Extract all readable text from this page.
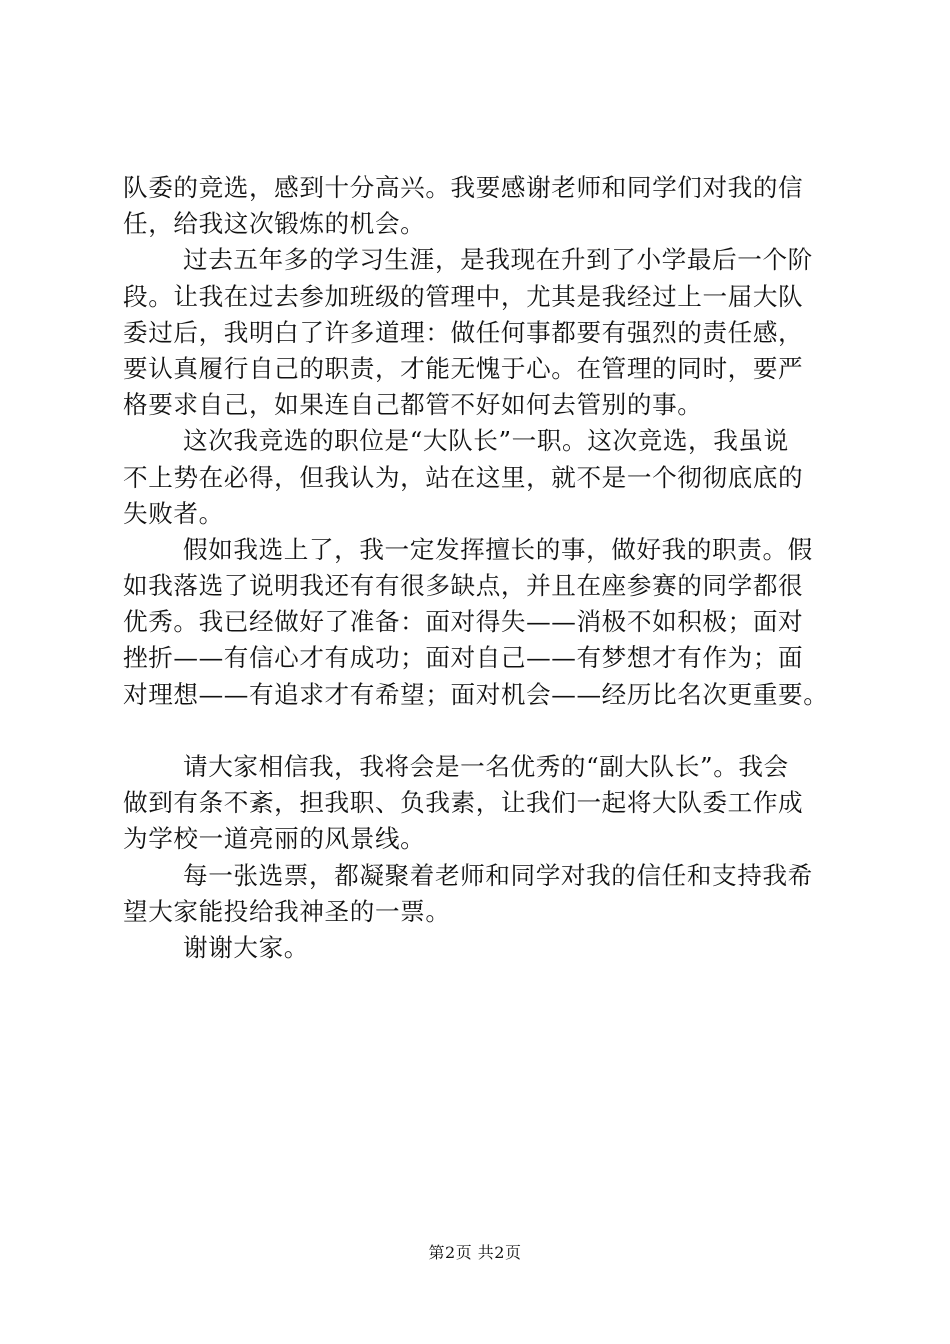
队委的竞选，感到十分高兴。我要感谢老师和同学们对我的信
任，给我这次锻炼的机会。
过去五年多的学习生涯，是我现在升到了小学最后一个阶
段。让我在过去参加班级的管理中，尤其是我经过上一届大队
委过后，我明白了许多道理：做任何事都要有强烈的责任感，
要认真履行自己的职责，才能无愧于心。在管理的同时，要严
格要求自己，如果连自己都管不好如何去管别的事。
这次我竞选的职位是“大队长”一职。这次竞选，我虽说
不上势在必得，但我认为，站在这里，就不是一个彻彻底底的
失败者。
假如我选上了，我一定发挥擅长的事，做好我的职责。假
如我落选了说明我还有有很多缺点，并且在座参赛的同学都很
优秀。我已经做好了准备：面对得失——消极不如积极；面对
挫折——有信心才有成功；面对自己——有梦想才有作为；面
对理想——有追求才有希望；面对机会——经历比名次更重要。
请大家相信我，我将会是一名优秀的“副大队长”。我会
做到有条不紊，担我职、负我素，让我们一起将大队委工作成
为学校一道亮丽的风景线。
每一张选票，都凝聚着老师和同学对我的信任和支持我希
望大家能投给我神圣的一票。
谢谢大家。
第2页 共2页
